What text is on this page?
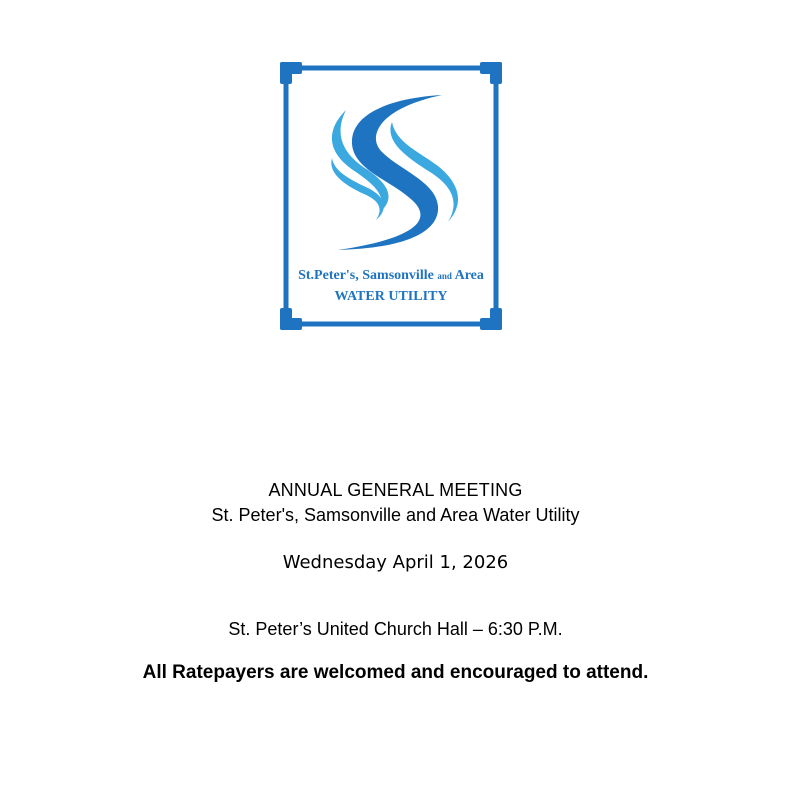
St.Peter's, Samsonville and Area
WATER UTILITY
ANNUAL GENERAL MEETING
St. Peter's, Samsonville and Area Water Utility
Wednesday April 1, 2026
St. Peter’s United Church Hall – 6:30 P.M.
All Ratepayers are welcomed and encouraged to attend.
